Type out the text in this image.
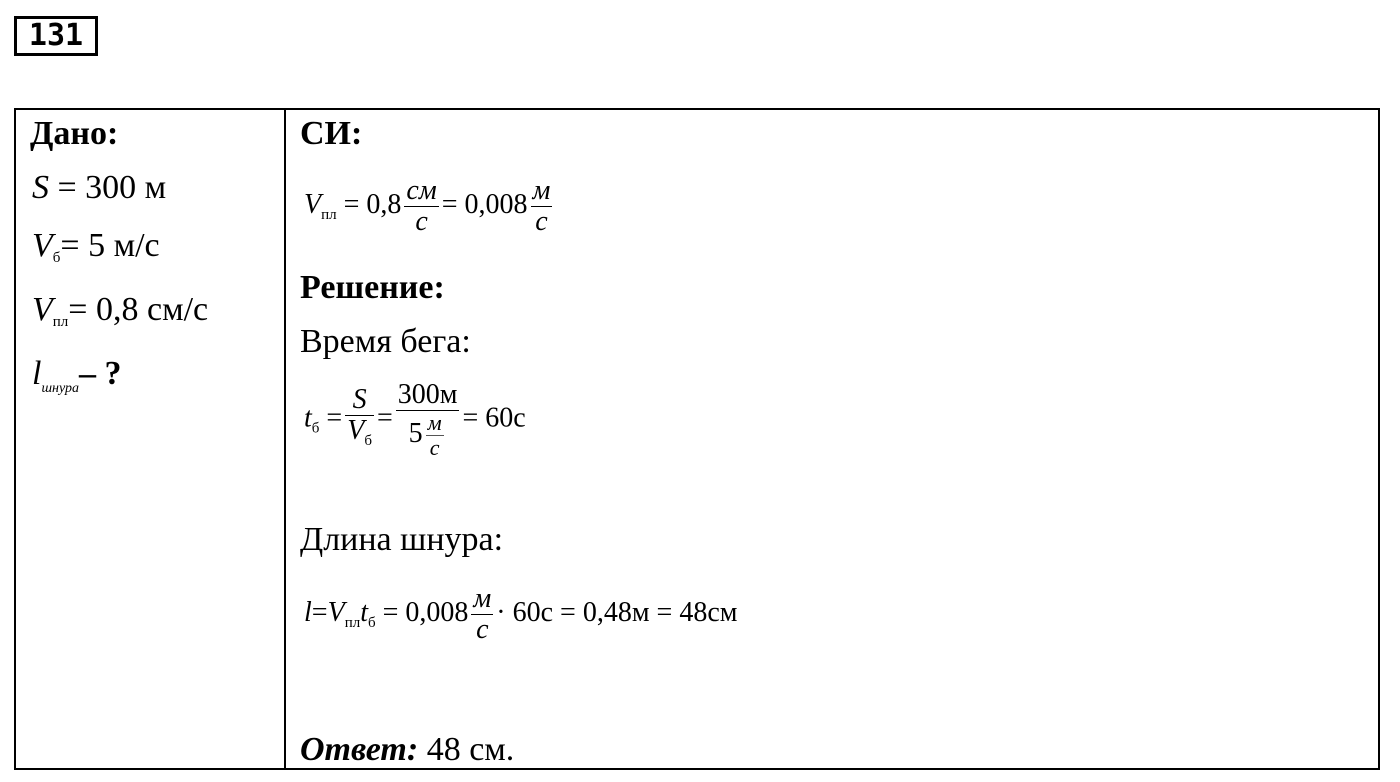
131
Дано:
S = 300 м
$V_б= 5$ м/с
$V_{пл}= 0,8$ см/с
$l_{шнура}-$ ?
СИ:
$V_{пл} = 0,8 \frac{см}{с} = 0,008 \frac{м}{с}$
Решение:
Время бега:
$t_б = \frac{S}{V_б} = \frac{300м}{5 \frac{м}{с}} = 60с$
Длина шнура:
$l=V_{пл}t_б = 0,008 \frac{м}{с} \cdot 60с = 0,48м = 48см$
Ответ: 48 см.
